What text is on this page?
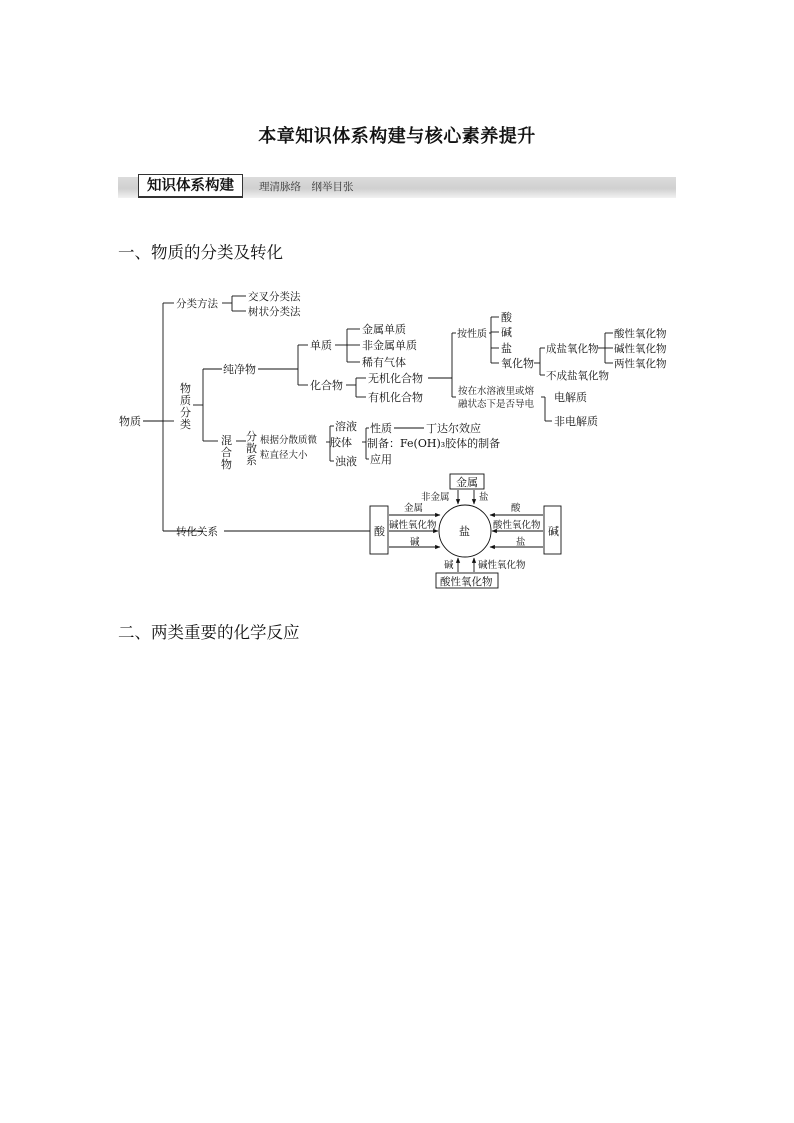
本章知识体系构建与核心素养提升
知识体系构建	理清脉络　纲举目张
一、物质的分类及转化
二、两类重要的化学反应
物质
分类方法
交叉分类法
树状分类法
物
质
分
类
纯净物
单质
金属单质
非金属单质
稀有气体
化合物
无机化合物
有机化合物
按性质
酸
碱
盐
氧化物
成盐氧化物
不成盐氧化物
酸性氧化物
碱性氧化物
两性氧化物
按在水溶液里或熔
融状态下是否导电
电解质
非电解质
混
合
物
分
散
系
根据分散质微
粒直径大小
溶液
胶体
浊液
性质	丁达尔效应
制备：Fe(OH)₃胶体的制备
应用
转化关系
金属
酸性氧化物
酸	碱
盐
非金属	盐
金属
碱性氧化物
碱
酸
酸性氧化物
盐
碱	碱性氧化物
